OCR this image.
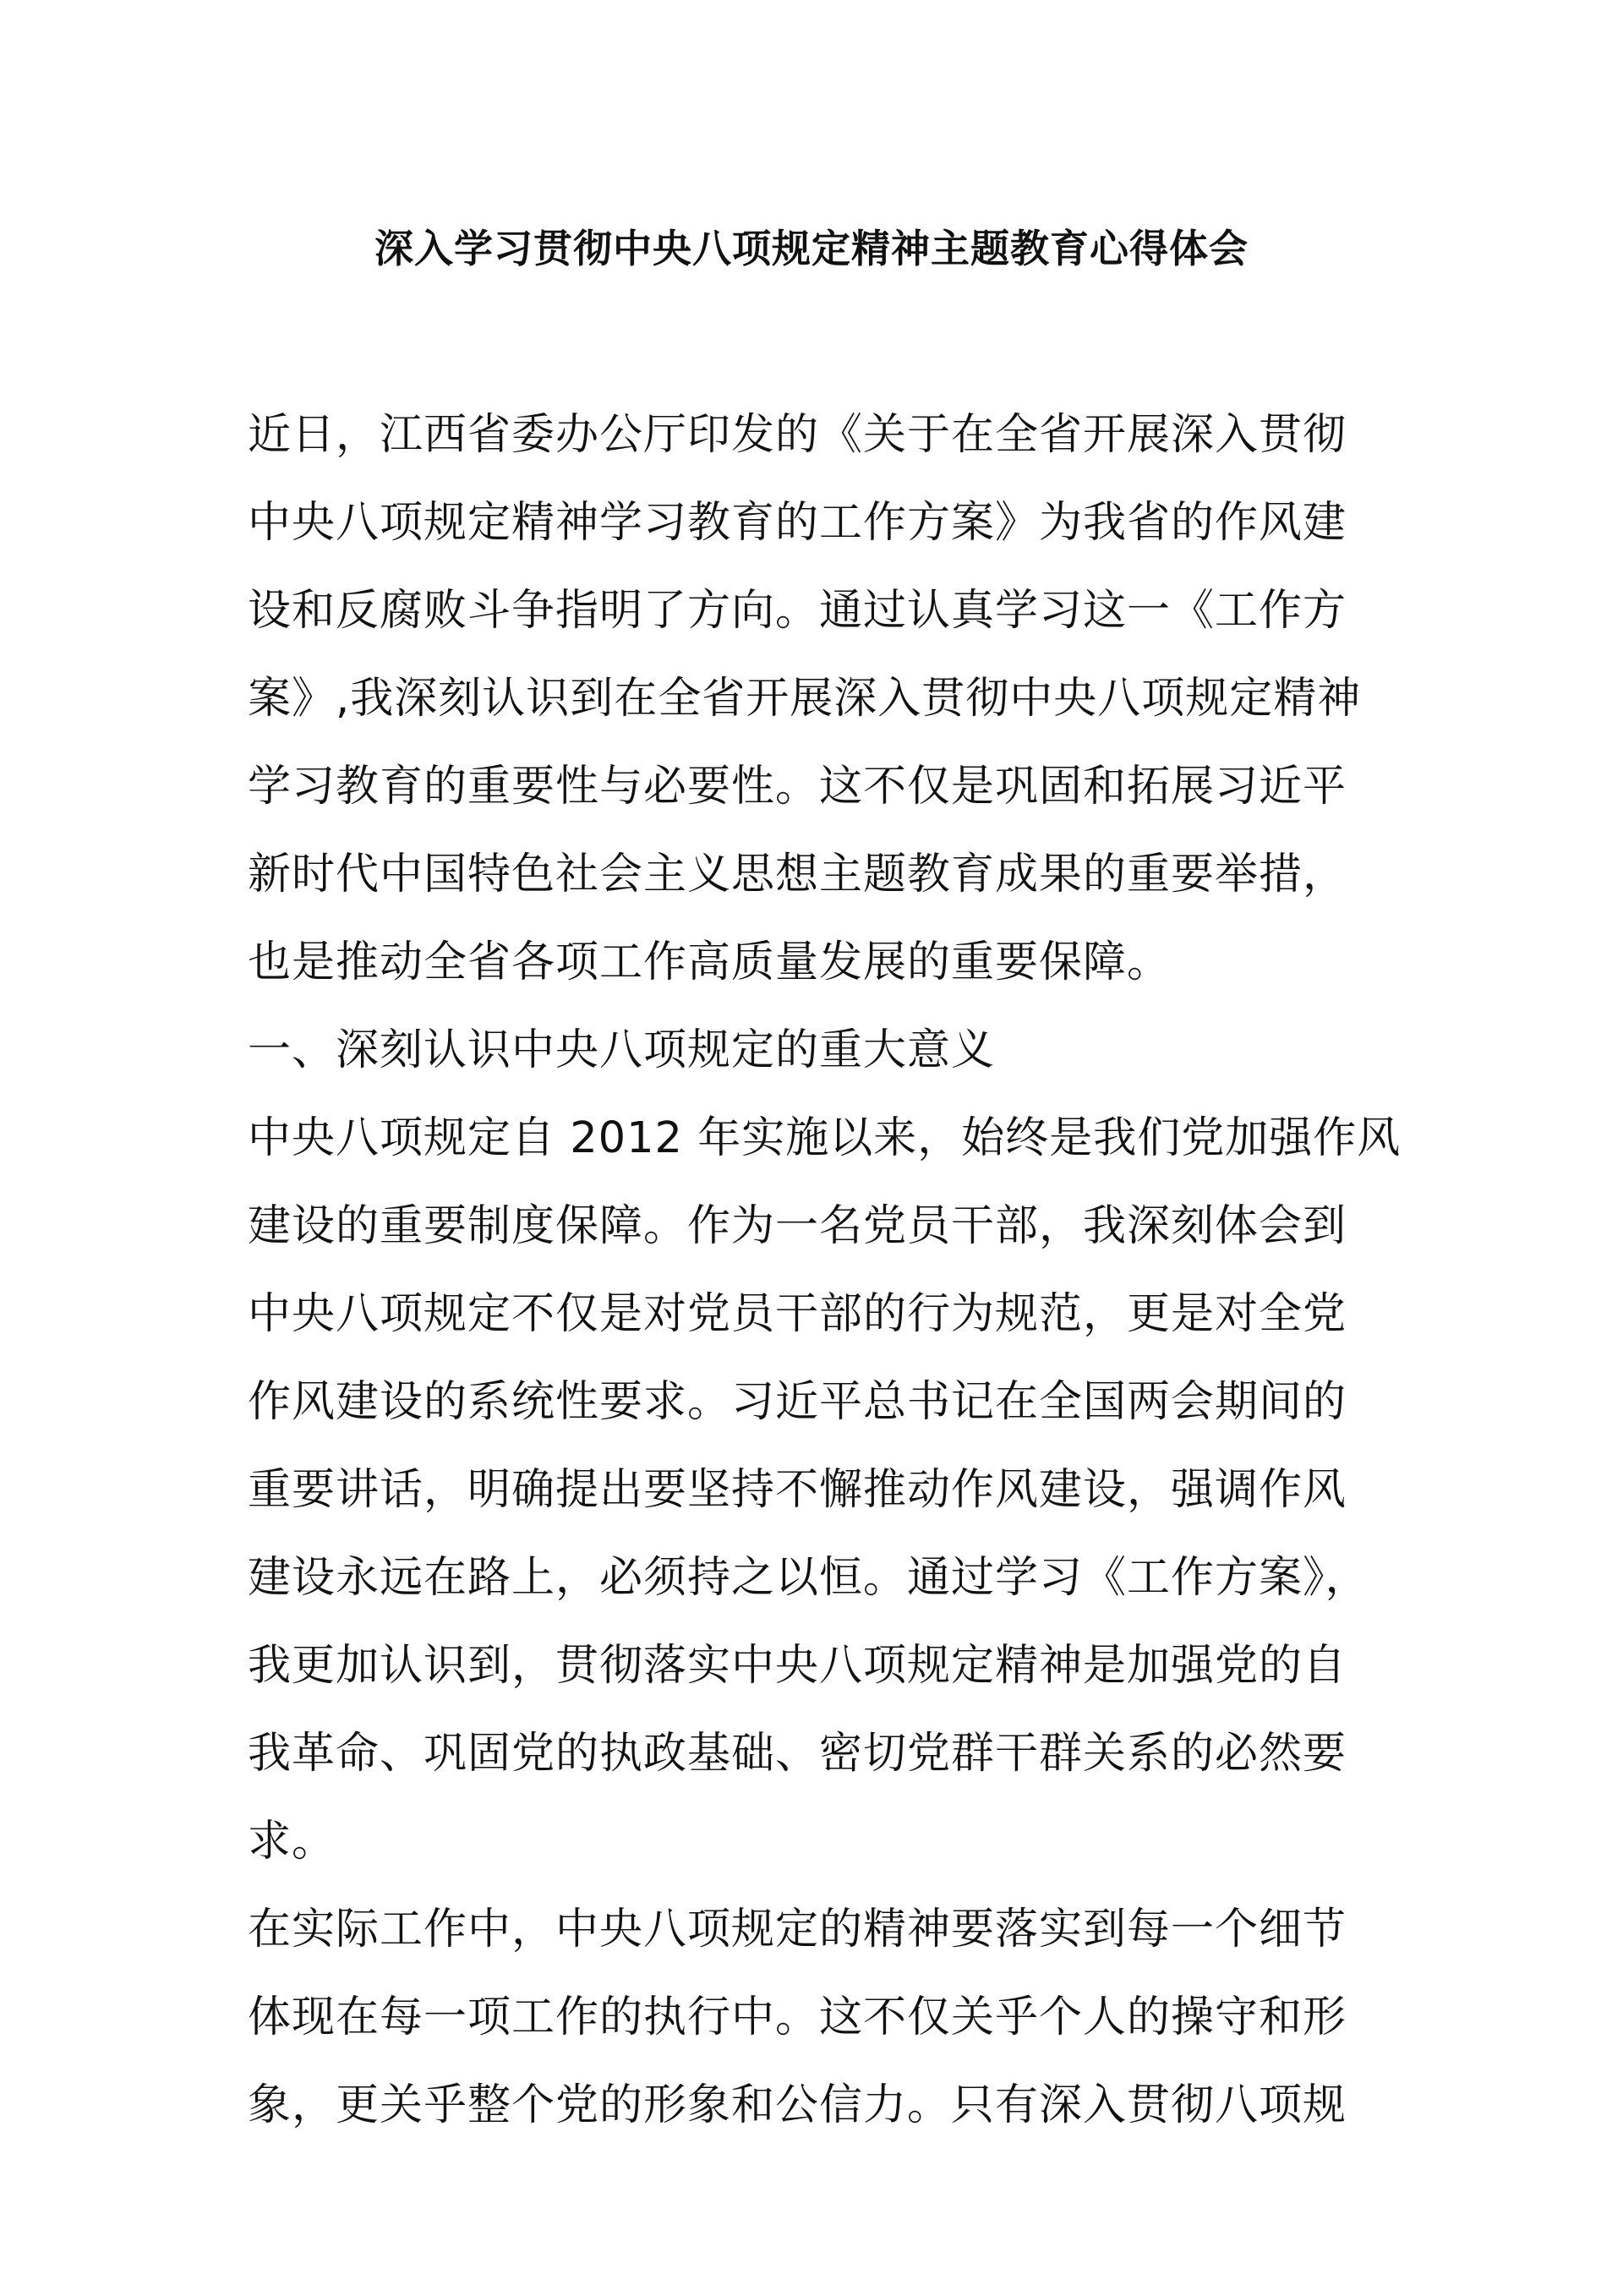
深入学习贯彻中央八项规定精神主题教育心得体会
近日，江西省委办公厅印发的《关于在全省开展深入贯彻
中央八项规定精神学习教育的工作方案》为我省的作风建
设和反腐败斗争指明了方向。通过认真学习这一《工作方
案》,我深刻认识到在全省开展深入贯彻中央八项规定精神
学习教育的重要性与必要性。这不仅是巩固和拓展习近平
新时代中国特色社会主义思想主题教育成果的重要举措，
也是推动全省各项工作高质量发展的重要保障。
一、深刻认识中央八项规定的重大意义
中央八项规定自 2012 年实施以来，始终是我们党加强作风
建设的重要制度保障。作为一名党员干部，我深刻体会到
中央八项规定不仅是对党员干部的行为规范，更是对全党
作风建设的系统性要求。习近平总书记在全国两会期间的
重要讲话，明确提出要坚持不懈推动作风建设，强调作风
建设永远在路上，必须持之以恒。通过学习《工作方案》，
我更加认识到，贯彻落实中央八项规定精神是加强党的自
我革命、巩固党的执政基础、密切党群干群关系的必然要
求。
在实际工作中，中央八项规定的精神要落实到每一个细节
体现在每一项工作的执行中。这不仅关乎个人的操守和形
象，更关乎整个党的形象和公信力。只有深入贯彻八项规
